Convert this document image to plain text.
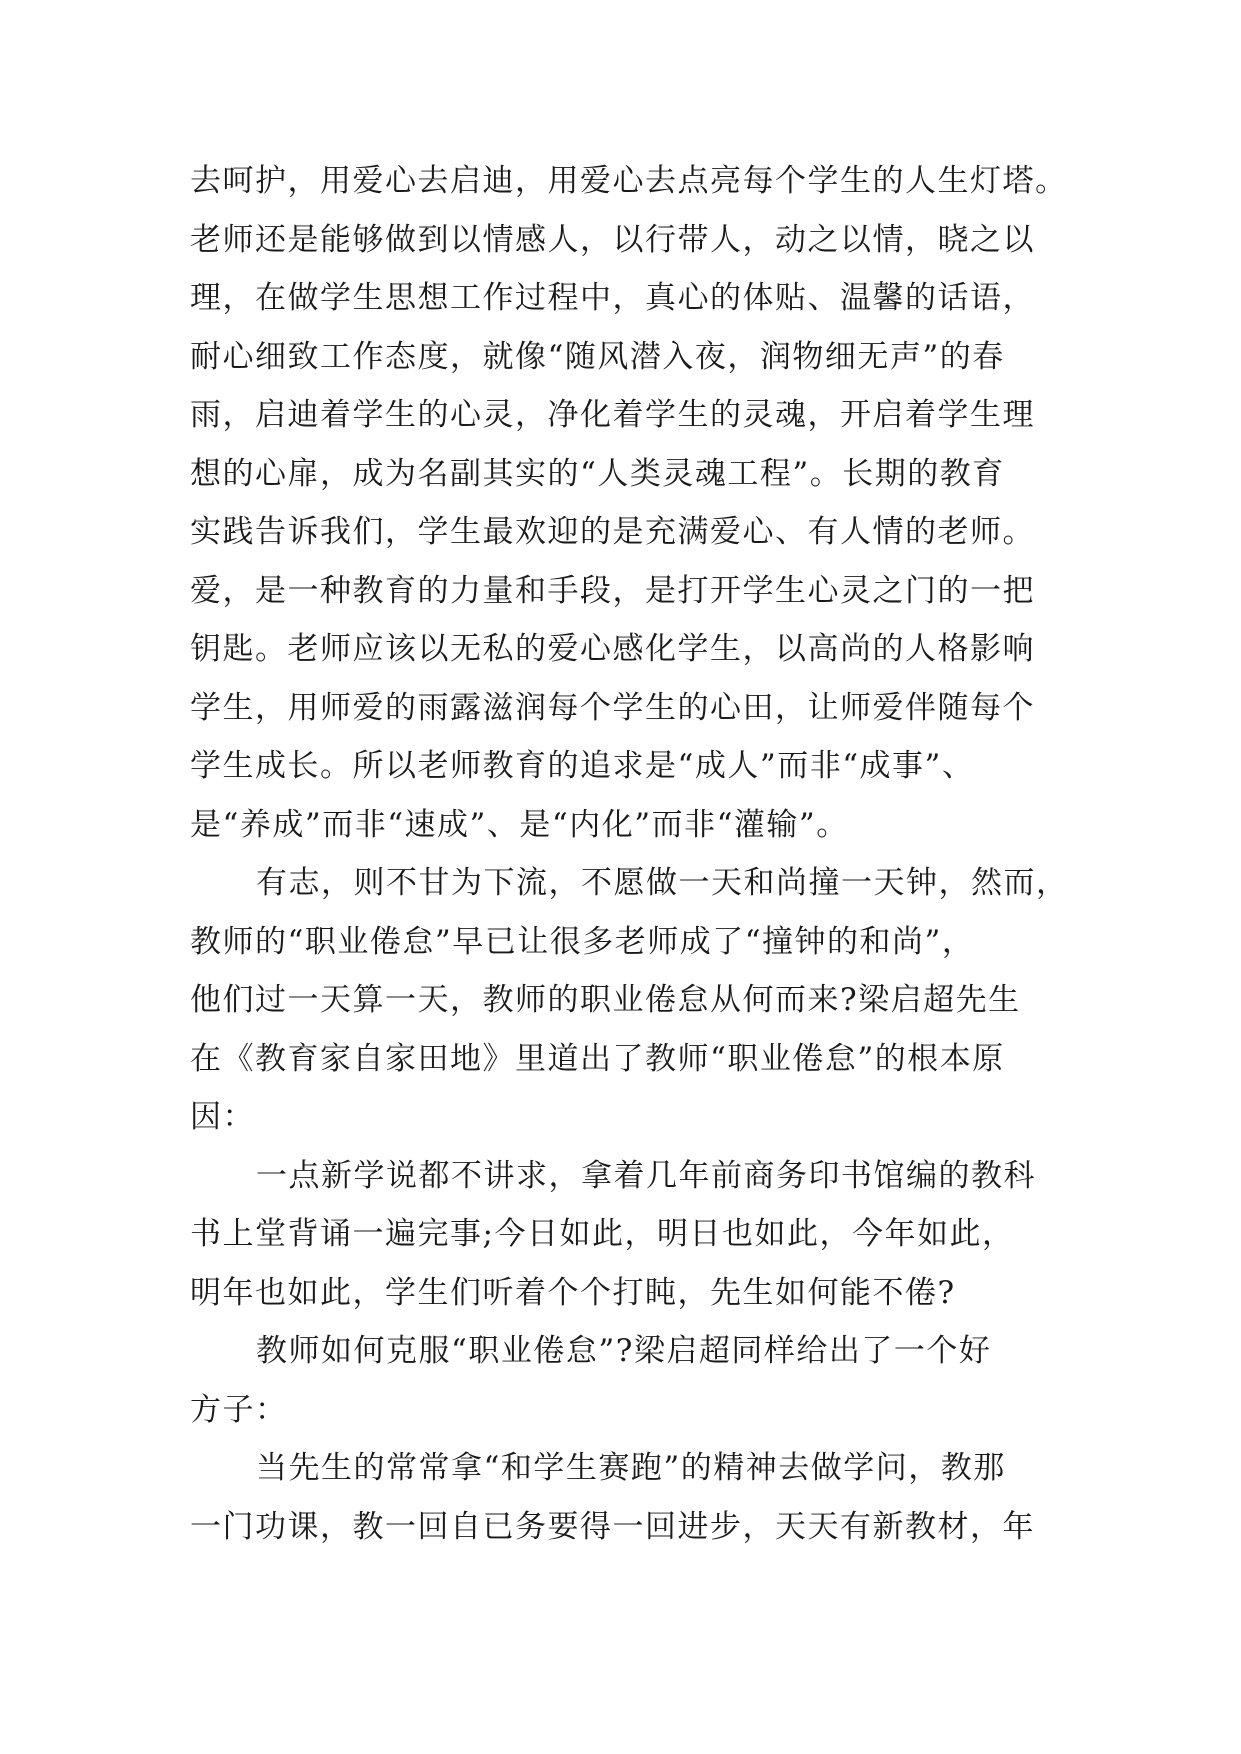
去呵护，用爱心去启迪，用爱心去点亮每个学生的人生灯塔。
老师还是能够做到以情感人，以行带人，动之以情，晓之以
理，在做学生思想工作过程中，真心的体贴、温馨的话语，
耐心细致工作态度，就像“随风潜入夜，润物细无声”的春
雨，启迪着学生的心灵，净化着学生的灵魂，开启着学生理
想的心扉，成为名副其实的“人类灵魂工程”。长期的教育
实践告诉我们，学生最欢迎的是充满爱心、有人情的老师。
爱，是一种教育的力量和手段，是打开学生心灵之门的一把
钥匙。老师应该以无私的爱心感化学生，以高尚的人格影响
学生，用师爱的雨露滋润每个学生的心田，让师爱伴随每个
学生成长。所以老师教育的追求是“成人”而非“成事”、
是“养成”而非“速成”、是“内化”而非“灌输”。
有志，则不甘为下流，不愿做一天和尚撞一天钟，然而，
教师的“职业倦怠”早已让很多老师成了“撞钟的和尚”，
他们过一天算一天，教师的职业倦怠从何而来?梁启超先生
在《教育家自家田地》里道出了教师“职业倦怠”的根本原
因：
一点新学说都不讲求，拿着几年前商务印书馆编的教科
书上堂背诵一遍完事;今日如此，明日也如此，今年如此，
明年也如此，学生们听着个个打盹，先生如何能不倦?
教师如何克服“职业倦怠”?梁启超同样给出了一个好
方子：
当先生的常常拿“和学生赛跑”的精神去做学问，教那
一门功课，教一回自已务要得一回进步，天天有新教材，年
